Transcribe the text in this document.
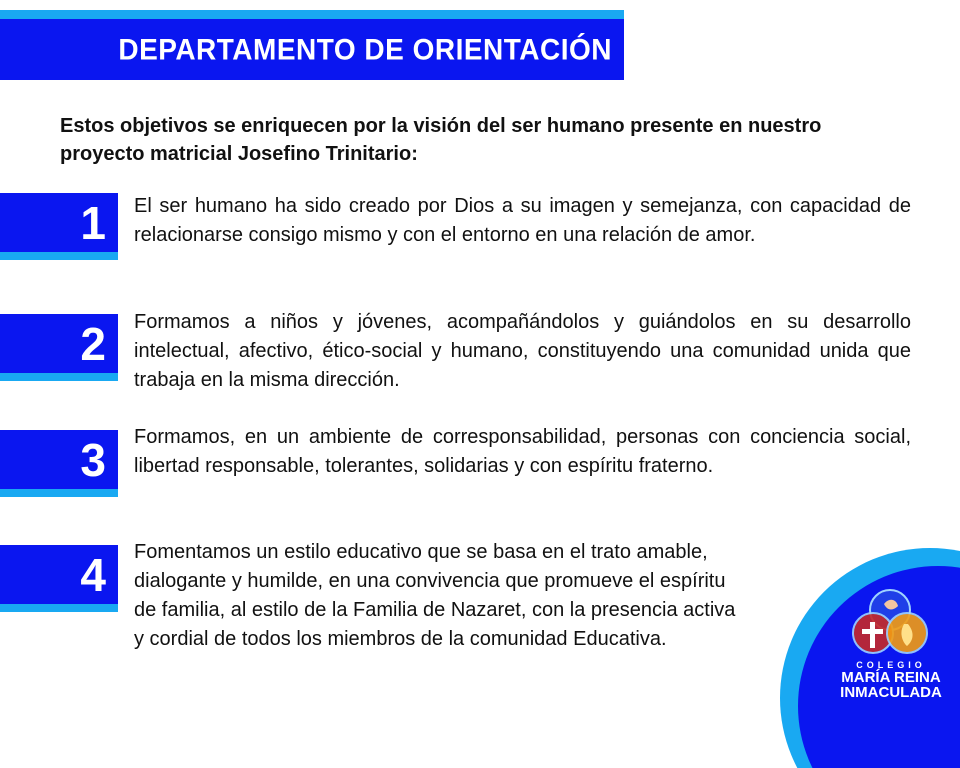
DEPARTAMENTO DE ORIENTACIÓN
Estos objetivos se enriquecen por la visión del ser humano presente en nuestro proyecto matricial Josefino Trinitario:
1 El ser humano ha sido creado por Dios a su imagen y semejanza, con capacidad de relacionarse consigo mismo y con el entorno en una relación de amor.
2 Formamos a niños y jóvenes, acompañándolos y guiándolos en su desarrollo intelectual, afectivo, ético-social y humano, constituyendo una comunidad unida que trabaja en la misma dirección.
3 Formamos, en un ambiente de corresponsabilidad, personas con conciencia social, libertad responsable, tolerantes, solidarias y con espíritu fraterno.
4 Fomentamos un estilo educativo que se basa en el trato amable, dialogante y humilde, en una convivencia que promueve el espíritu de familia, al estilo de la Familia de Nazaret, con la presencia activa y cordial de todos los miembros de la comunidad Educativa.
COLEGIO
MARÍA REINA
INMACULADA
